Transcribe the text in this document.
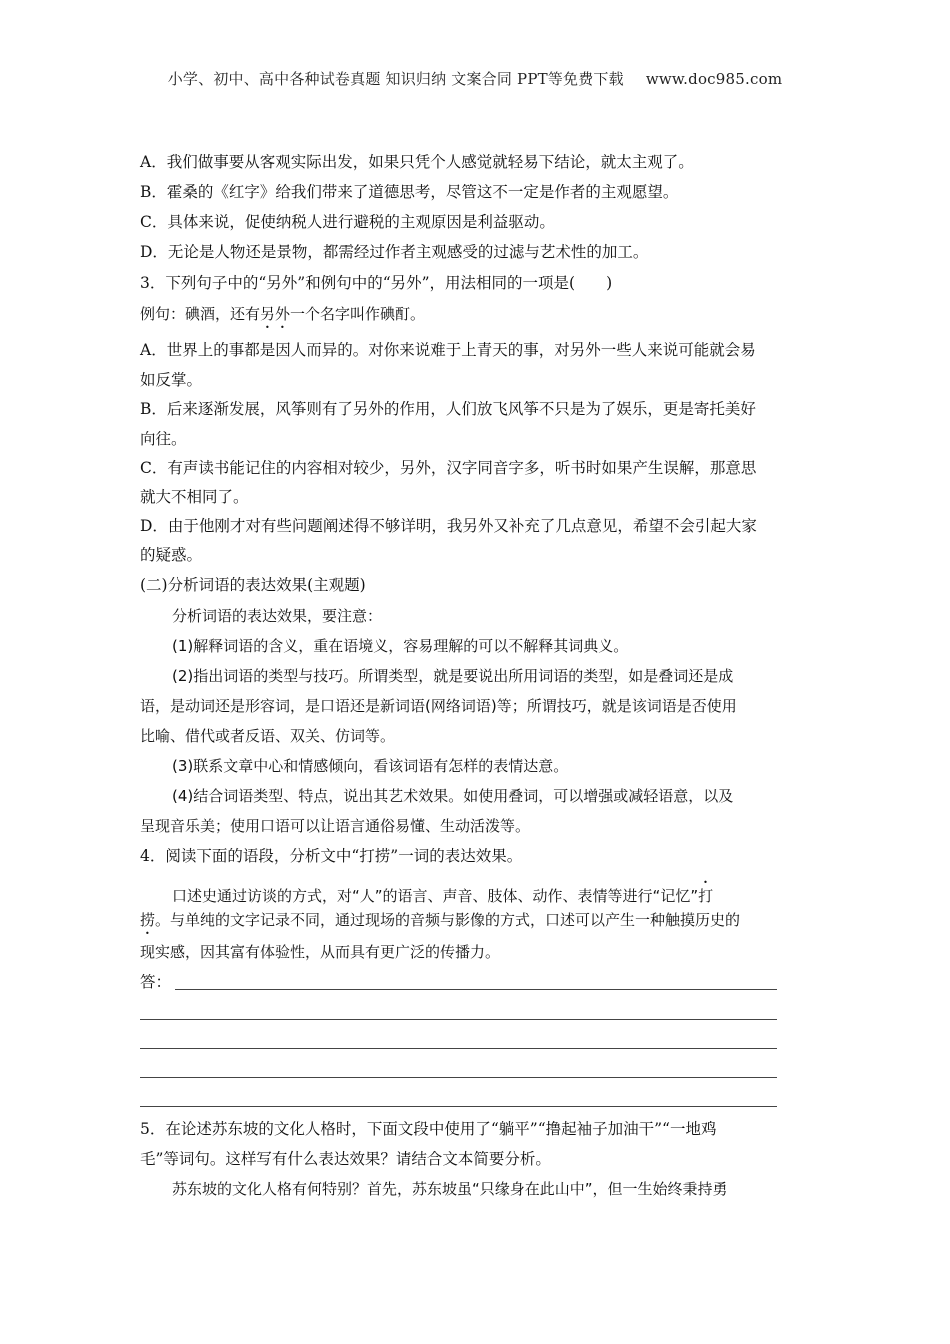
小学、初中、高中各种试卷真题 知识归纳 文案合同 PPT等免费下载 www.doc985.com
A．我们做事要从客观实际出发，如果只凭个人感觉就轻易下结论，就太主观了。
B．霍桑的《红字》给我们带来了道德思考，尽管这不一定是作者的主观愿望。
C．具体来说，促使纳税人进行避税的主观原因是利益驱动。
D．无论是人物还是景物，都需经过作者主观感受的过滤与艺术性的加工。
3．下列句子中的“另外”和例句中的“另外”，用法相同的一项是(　　)
例句：碘酒，还有另外一个名字叫作碘酊。
A．世界上的事都是因人而异的。对你来说难于上青天的事，对另外一些人来说可能就会易
如反掌。
B．后来逐渐发展，风筝则有了另外的作用，人们放飞风筝不只是为了娱乐，更是寄托美好
向往。
C．有声读书能记住的内容相对较少，另外，汉字同音字多，听书时如果产生误解，那意思
就大不相同了。
D．由于他刚才对有些问题阐述得不够详明，我另外又补充了几点意见，希望不会引起大家
的疑惑。
(二)分析词语的表达效果(主观题)
分析词语的表达效果，要注意：
(1)解释词语的含义，重在语境义，容易理解的可以不解释其词典义。
(2)指出词语的类型与技巧。所谓类型，就是要说出所用词语的类型，如是叠词还是成
语，是动词还是形容词，是口语还是新词语(网络词语)等；所谓技巧，就是该词语是否使用
比喻、借代或者反语、双关、仿词等。
(3)联系文章中心和情感倾向，看该词语有怎样的表情达意。
(4)结合词语类型、特点，说出其艺术效果。如使用叠词，可以增强或减轻语意，以及
呈现音乐美；使用口语可以让语言通俗易懂、生动活泼等。
4．阅读下面的语段，分析文中“打捞”一词的表达效果。
口述史通过访谈的方式，对“人”的语言、声音、肢体、动作、表情等进行“记忆”打
捞。与单纯的文字记录不同，通过现场的音频与影像的方式，口述可以产生一种触摸历史的
现实感，因其富有体验性，从而具有更广泛的传播力。
答：
5．在论述苏东坡的文化人格时，下面文段中使用了“躺平”“撸起袖子加油干”“一地鸡
毛”等词句。这样写有什么表达效果？请结合文本简要分析。
苏东坡的文化人格有何特别？首先，苏东坡虽“只缘身在此山中”，但一生始终秉持勇
